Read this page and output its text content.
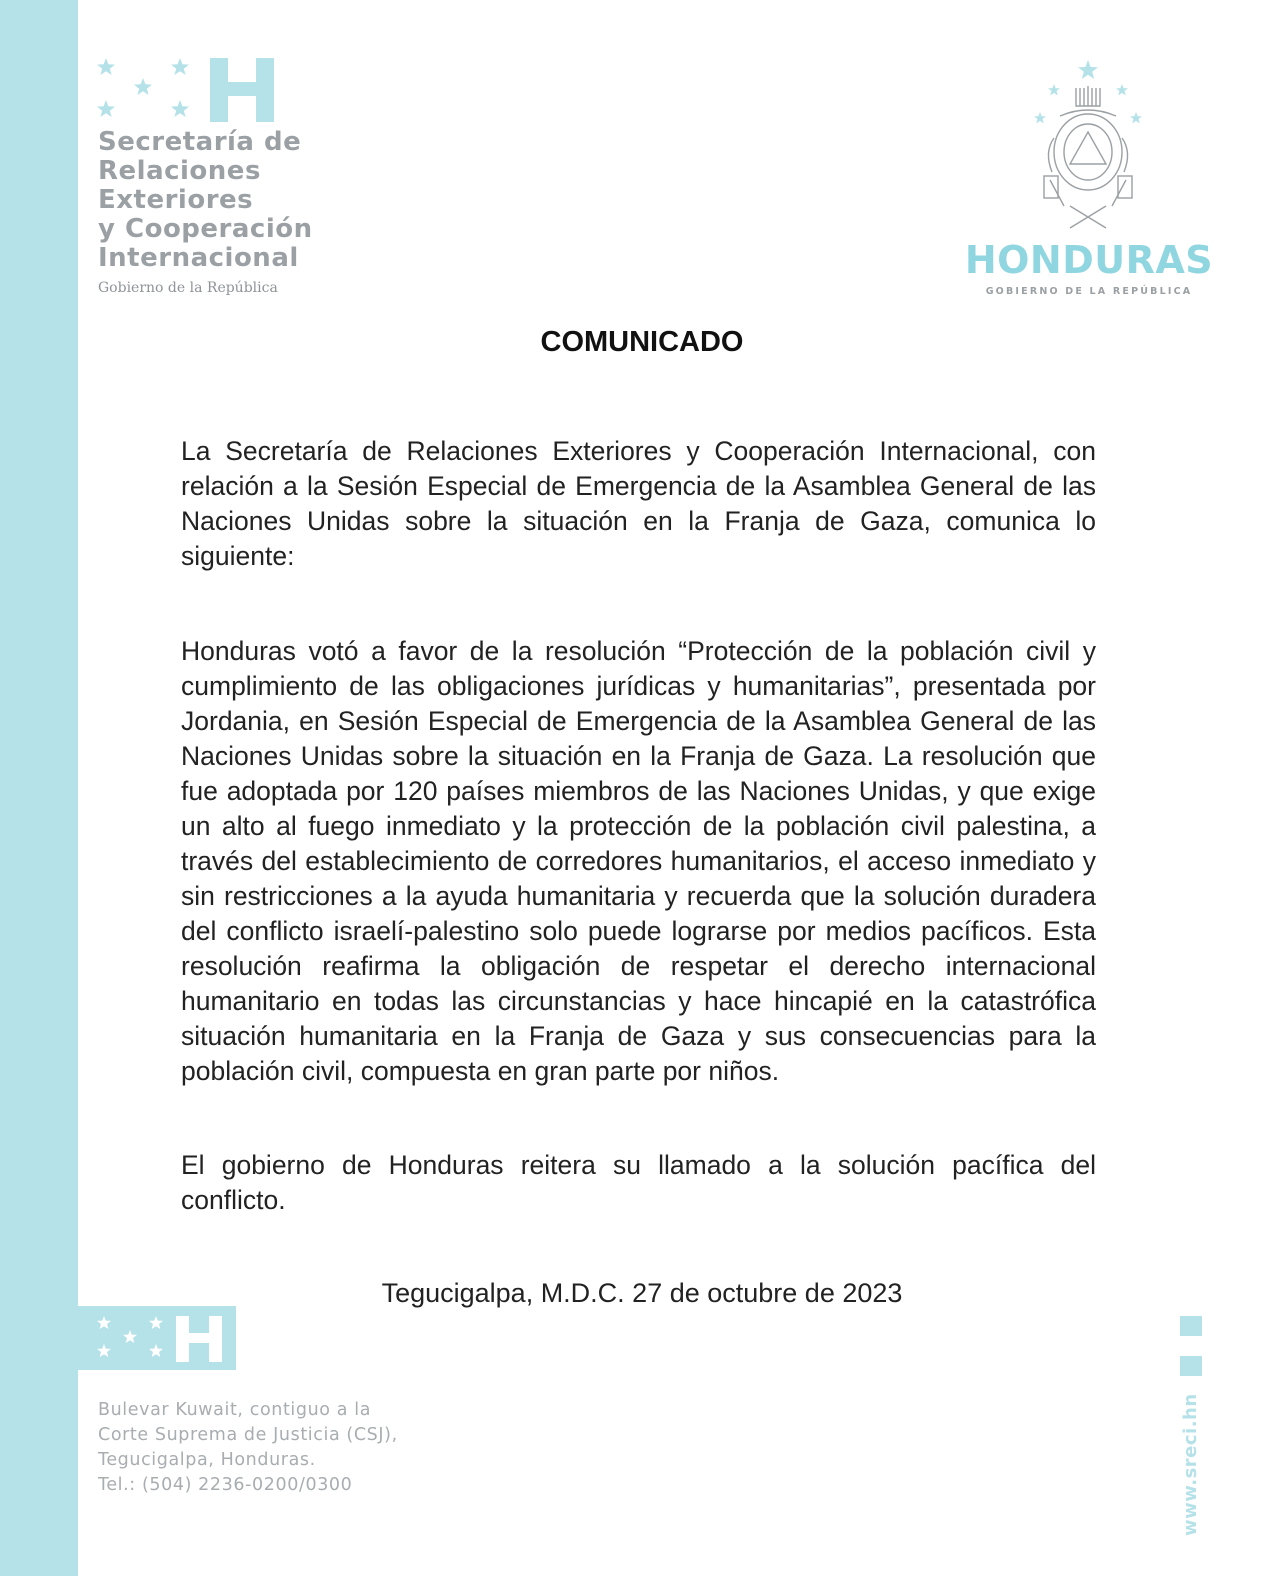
Secretaría de
Relaciones
Exteriores
y Cooperación
Internacional
Gobierno de la República
HONDURAS
GOBIERNO DE LA REPÚBLICA
COMUNICADO

La Secretaría de Relaciones Exteriores y Cooperación Internacional, con relación a la Sesión Especial de Emergencia de la Asamblea General de las Naciones Unidas sobre la situación en la Franja de Gaza, comunica lo siguiente:

Honduras votó a favor de la resolución “Protección de la población civil y cumplimiento de las obligaciones jurídicas y humanitarias”, presentada por Jordania, en Sesión Especial de Emergencia de la Asamblea General de las Naciones Unidas sobre la situación en la Franja de Gaza. La resolución que fue adoptada por 120 países miembros de las Naciones Unidas, y que exige un alto al fuego inmediato y la protección de la población civil palestina, a través del establecimiento de corredores humanitarios, el acceso inmediato y sin restricciones a la ayuda humanitaria y recuerda que la solución duradera del conflicto israelí-palestino solo puede lograrse por medios pacíficos. Esta resolución reafirma la obligación de respetar el derecho internacional humanitario en todas las circunstancias y hace hincapié en la catastrófica situación humanitaria en la Franja de Gaza y sus consecuencias para la población civil, compuesta en gran parte por niños.

El gobierno de Honduras reitera su llamado a la solución pacífica del conflicto.

Tegucigalpa, M.D.C. 27 de octubre de 2023
Bulevar Kuwait, contiguo a la
Corte Suprema de Justicia (CSJ),
Tegucigalpa, Honduras.
Tel.: (504) 2236-0200/0300	www.sreci.hn
